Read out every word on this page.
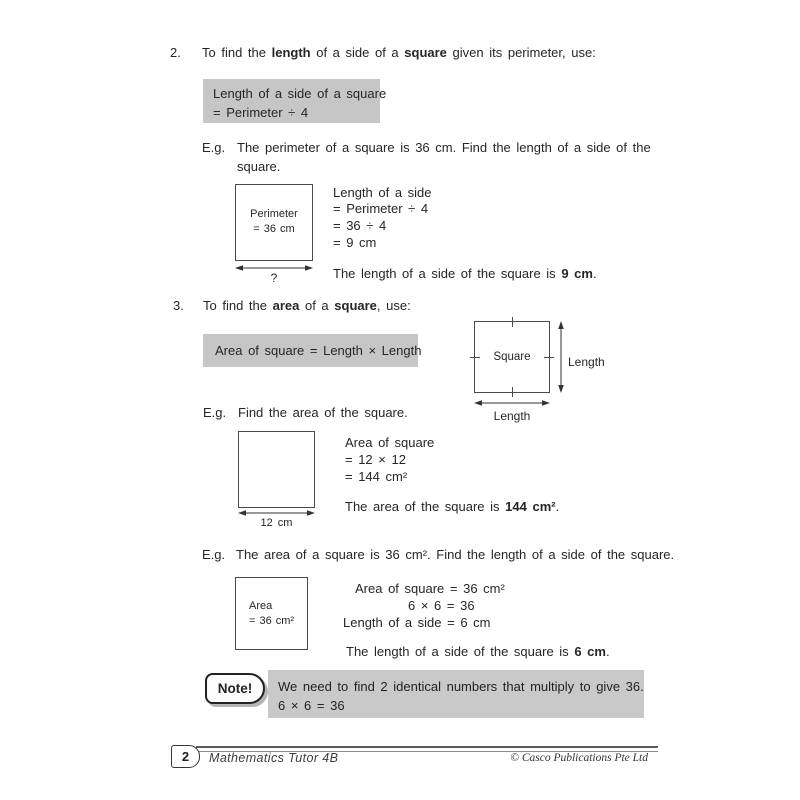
2. To find the length of a side of a square given its perimeter, use:
Length of a side of a square
= Perimeter ÷ 4
E.g. The perimeter of a square is 36 cm. Find the length of a side of the
square.
Perimeter
= 36 cm
?
Length of a side
= Perimeter ÷ 4
= 36 ÷ 4
= 9 cm
The length of a side of the square is 9 cm.
3. To find the area of a square, use:
Area of square = Length × Length	Square	Length
Length
E.g. Find the area of the square.
12 cm
Area of square
= 12 × 12
= 144 cm²
The area of the square is 144 cm².
E.g. The area of a square is 36 cm². Find the length of a side of the square.
Area
= 36 cm²
Area of square = 36 cm²
6 × 6 = 36
Length of a side = 6 cm
The length of a side of the square is 6 cm.
Note!	We need to find 2 identical numbers that multiply to give 36.
6 × 6 = 36
2	Mathematics Tutor 4B	© Casco Publications Pte Ltd
